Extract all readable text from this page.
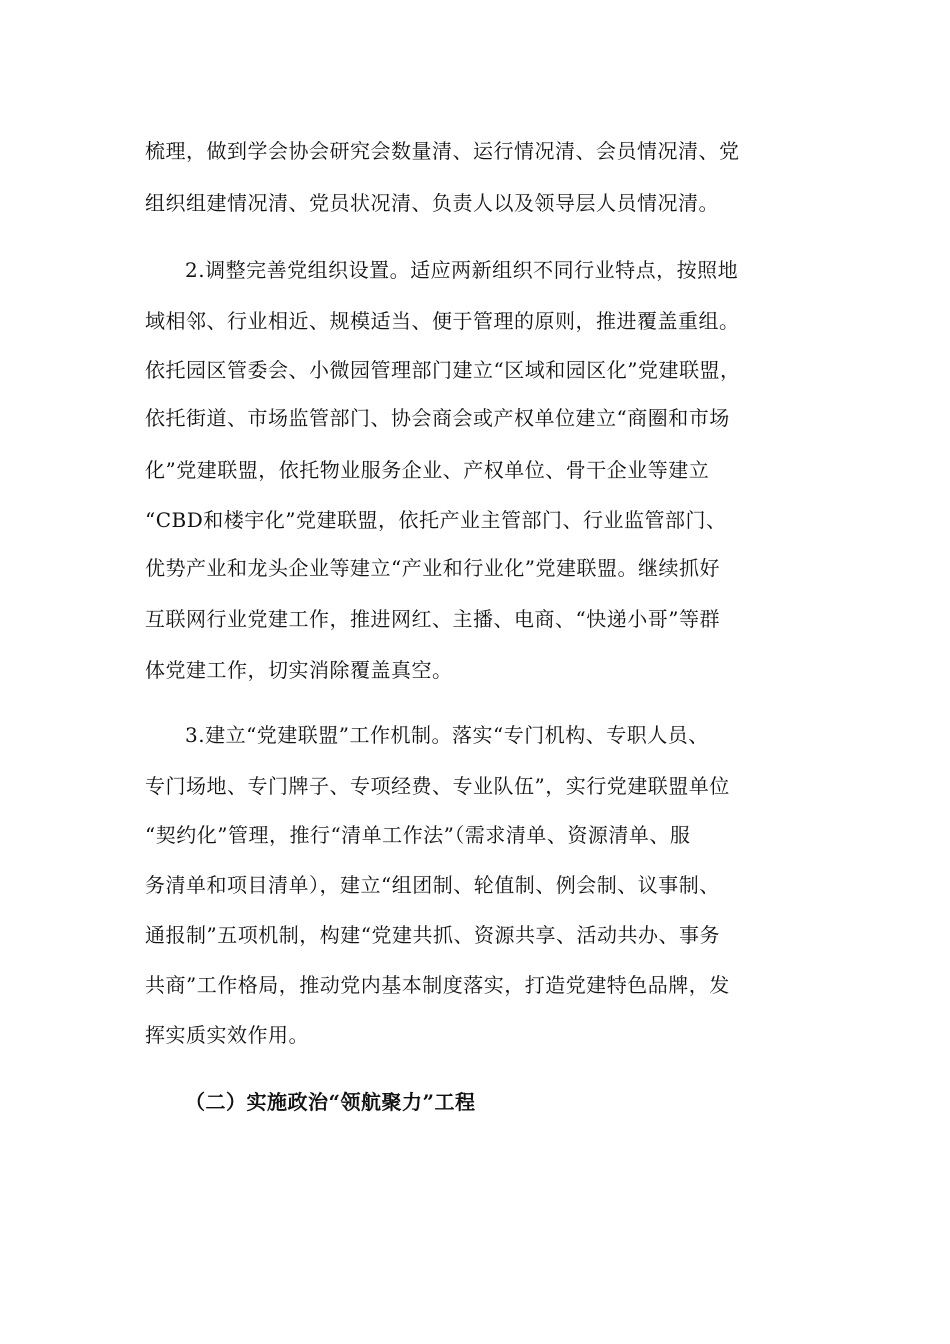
梳理，做到学会协会研究会数量清、运行情况清、会员情况清、党
组织组建情况清、党员状况清、负责人以及领导层人员情况清。
2.调整完善党组织设置。适应两新组织不同行业特点，按照地
域相邻、行业相近、规模适当、便于管理的原则，推进覆盖重组。
依托园区管委会、小微园管理部门建立“区域和园区化”党建联盟，
依托街道、市场监管部门、协会商会或产权单位建立“商圈和市场
化”党建联盟，依托物业服务企业、产权单位、骨干企业等建立
“CBD和楼宇化”党建联盟，依托产业主管部门、行业监管部门、
优势产业和龙头企业等建立“产业和行业化”党建联盟。继续抓好
互联网行业党建工作，推进网红、主播、电商、“快递小哥”等群
体党建工作，切实消除覆盖真空。
3.建立“党建联盟”工作机制。落实“专门机构、专职人员、
专门场地、专门牌子、专项经费、专业队伍”，实行党建联盟单位
“契约化”管理，推行“清单工作法”（需求清单、资源清单、服
务清单和项目清单），建立“组团制、轮值制、例会制、议事制、
通报制”五项机制，构建“党建共抓、资源共享、活动共办、事务
共商”工作格局，推动党内基本制度落实，打造党建特色品牌，发
挥实质实效作用。
（二）实施政治“领航聚力”工程
